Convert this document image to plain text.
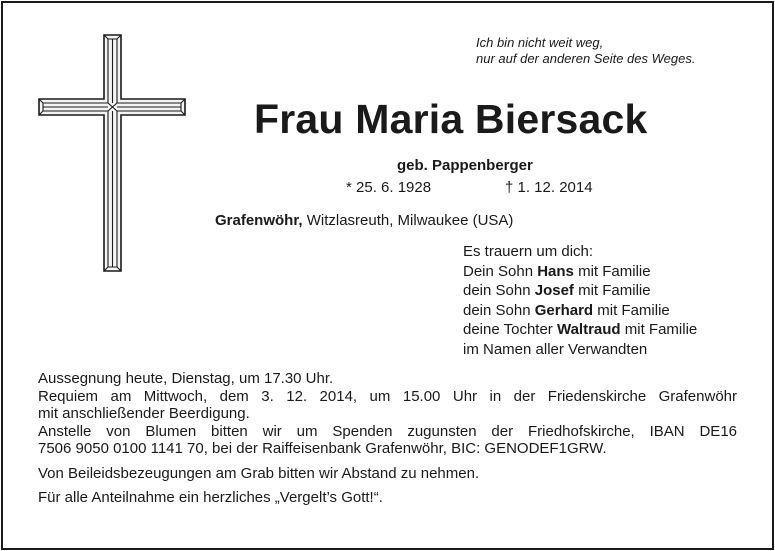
Ich bin nicht weit weg,
nur auf der anderen Seite des Weges.
Frau Maria Biersack
geb. Pappenberger
* 25. 6. 1928	† 1. 12. 2014
Grafenwöhr, Witzlasreuth, Milwaukee (USA)
Es trauern um dich:
Dein Sohn Hans mit Familie
dein Sohn Josef mit Familie
dein Sohn Gerhard mit Familie
deine Tochter Waltraud mit Familie
im Namen aller Verwandten
Aussegnung heute, Dienstag, um 17.30 Uhr.
Requiem am Mittwoch, dem 3. 12. 2014, um 15.00 Uhr in der Friedenskirche Grafenwöhr
mit anschließender Beerdigung.
Anstelle von Blumen bitten wir um Spenden zugunsten der Friedhofskirche, IBAN DE16
7506 9050 0100 1141 70, bei der Raiffeisenbank Grafenwöhr, BIC: GENODEF1GRW.
Von Beileidsbezeugungen am Grab bitten wir Abstand zu nehmen.
Für alle Anteilnahme ein herzliches „Vergelt’s Gott!“.
